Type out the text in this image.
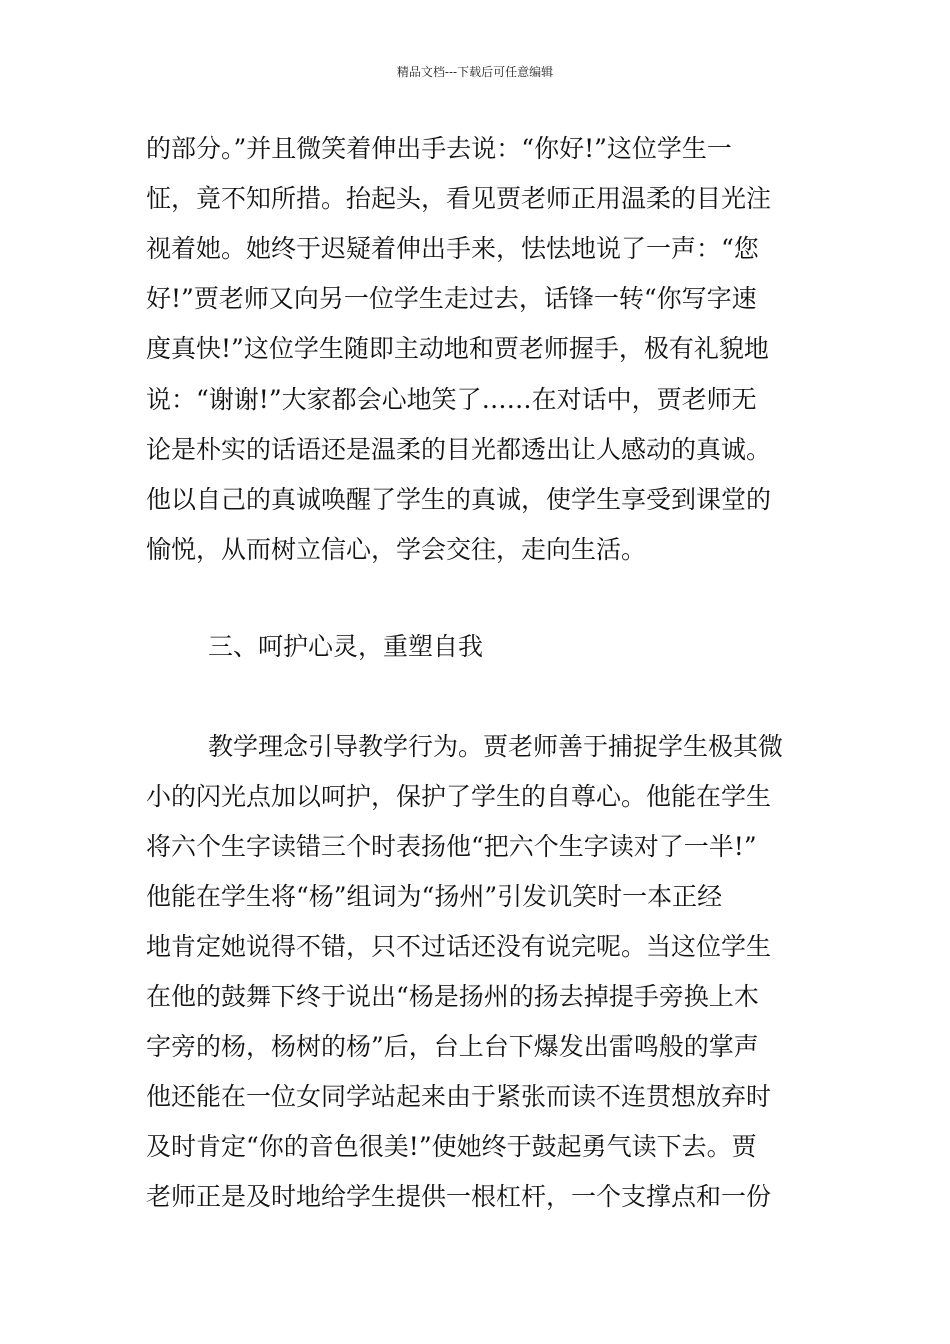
精品文档---下载后可任意编辑
的部分。”并且微笑着伸出手去说：“你好!”这位学生一
怔，竟不知所措。抬起头，看见贾老师正用温柔的目光注
视着她。她终于迟疑着伸出手来，怯怯地说了一声：“您
好!”贾老师又向另一位学生走过去，话锋一转“你写字速
度真快!”这位学生随即主动地和贾老师握手，极有礼貌地
说：“谢谢!”大家都会心地笑了……在对话中，贾老师无
论是朴实的话语还是温柔的目光都透出让人感动的真诚。
他以自己的真诚唤醒了学生的真诚，使学生享受到课堂的
愉悦，从而树立信心，学会交往，走向生活。
三、呵护心灵，重塑自我
教学理念引导教学行为。贾老师善于捕捉学生极其微
小的闪光点加以呵护，保护了学生的自尊心。他能在学生
将六个生字读错三个时表扬他“把六个生字读对了一半!”
他能在学生将“杨”组词为“扬州”引发讥笑时一本正经
地肯定她说得不错，只不过话还没有说完呢。当这位学生
在他的鼓舞下终于说出“杨是扬州的扬去掉提手旁换上木
字旁的杨，杨树的杨”后，台上台下爆发出雷鸣般的掌声
他还能在一位女同学站起来由于紧张而读不连贯想放弃时
及时肯定“你的音色很美!”使她终于鼓起勇气读下去。贾
老师正是及时地给学生提供一根杠杆，一个支撑点和一份
